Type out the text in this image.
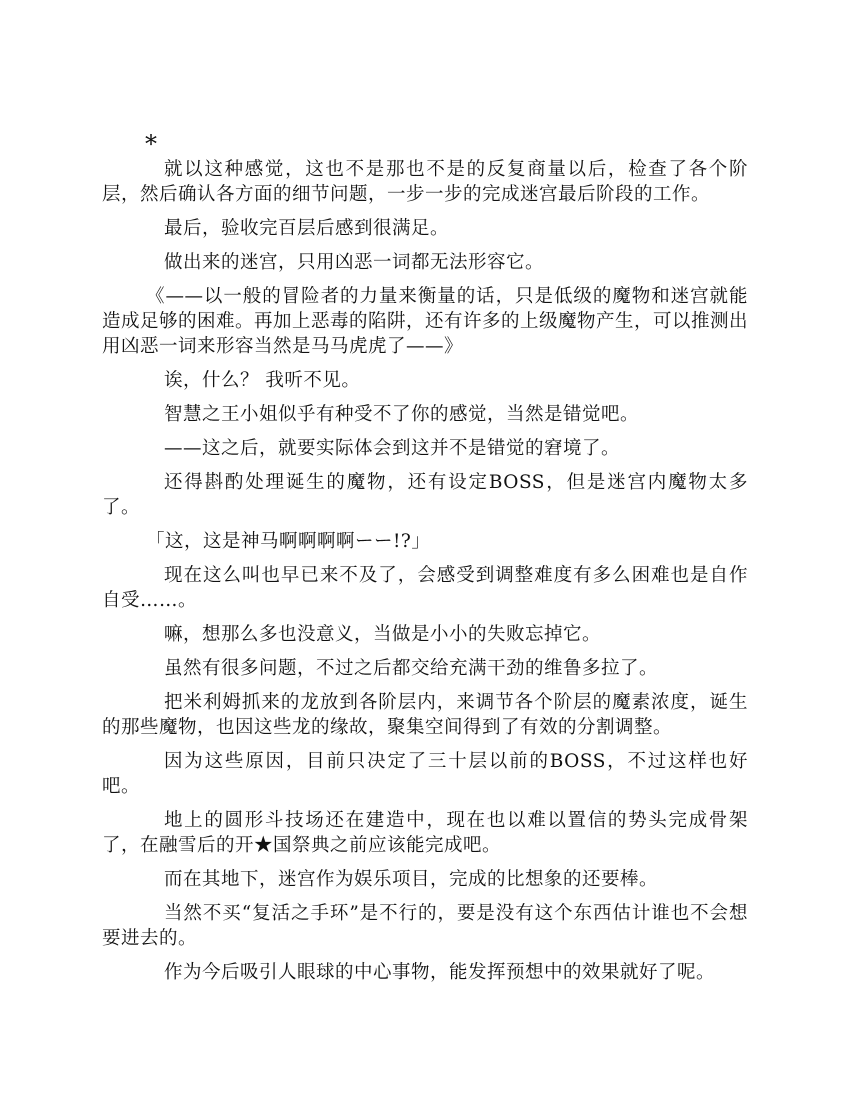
*

就以这种感觉，这也不是那也不是的反复商量以后，检查了各个阶层，然后确认各方面的细节问题，一步一步的完成迷宫最后阶段的工作。

最后，验收完百层后感到很满足。

做出来的迷宫，只用凶恶一词都无法形容它。

《——以一般的冒险者的力量来衡量的话，只是低级的魔物和迷宫就能造成足够的困难。再加上恶毒的陷阱，还有许多的上级魔物产生，可以推测出用凶恶一词来形容当然是马马虎虎了——》

诶，什么？ 我听不见。

智慧之王小姐似乎有种受不了你的感觉，当然是错觉吧。

——这之后，就要实际体会到这并不是错觉的窘境了。

还得斟酌处理诞生的魔物，还有设定BOSS，但是迷宫内魔物太多了。

「这，这是神马啊啊啊啊ーー!?」

现在这么叫也早已来不及了，会感受到调整难度有多么困难也是自作自受……。

嘛，想那么多也没意义，当做是小小的失败忘掉它。

虽然有很多问题，不过之后都交给充满干劲的维鲁多拉了。

把米利姆抓来的龙放到各阶层内，来调节各个阶层的魔素浓度，诞生的那些魔物，也因这些龙的缘故，聚集空间得到了有效的分割调整。

因为这些原因，目前只决定了三十层以前的BOSS，不过这样也好吧。

地上的圆形斗技场还在建造中，现在也以难以置信的势头完成骨架了，在融雪后的开★国祭典之前应该能完成吧。

而在其地下，迷宫作为娱乐项目，完成的比想象的还要棒。

当然不买“复活之手环”是不行的，要是没有这个东西估计谁也不会想要进去的。

作为今后吸引人眼球的中心事物，能发挥预想中的效果就好了呢。
